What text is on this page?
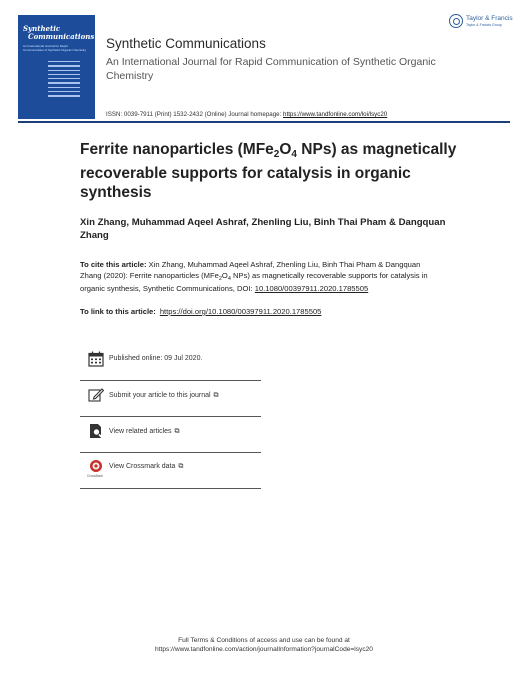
Taylor & Francis
Taylor & Francis Group
Synthetic
Communications
An International Journal for Rapid Communication of Synthetic Organic Chemistry Synthetic Communications
An International Journal for Rapid Communication of Synthetic Organic Chemistry
ISSN: 0039-7911 (Print) 1532-2432 (Online) Journal homepage: https://www.tandfonline.com/loi/lsyc20
Ferrite nanoparticles ($MFe_2O_4$ NPs) as magnetically recoverable supports for catalysis in organic synthesis
Xin Zhang, Muhammad Aqeel Ashraf, Zhenling Liu, Binh Thai Pham & Dangquan Zhang
To cite this article: Xin Zhang, Muhammad Aqeel Ashraf, Zhenling Liu, Binh Thai Pham & Dangquan Zhang (2020): Ferrite nanoparticles ($MFe_2O_4$ NPs) as magnetically recoverable supports for catalysis in organic synthesis, Synthetic Communications, DOI: 10.1080/00397911.2020.1785505
To link to this article: https://doi.org/10.1080/00397911.2020.1785505
Published online: 09 Jul 2020.
Submit your article to this journal ⧉
View related articles ⧉
CrossMark
View Crossmark data ⧉
Full Terms & Conditions of access and use can be found at
https://www.tandfonline.com/action/journalInformation?journalCode=lsyc20
